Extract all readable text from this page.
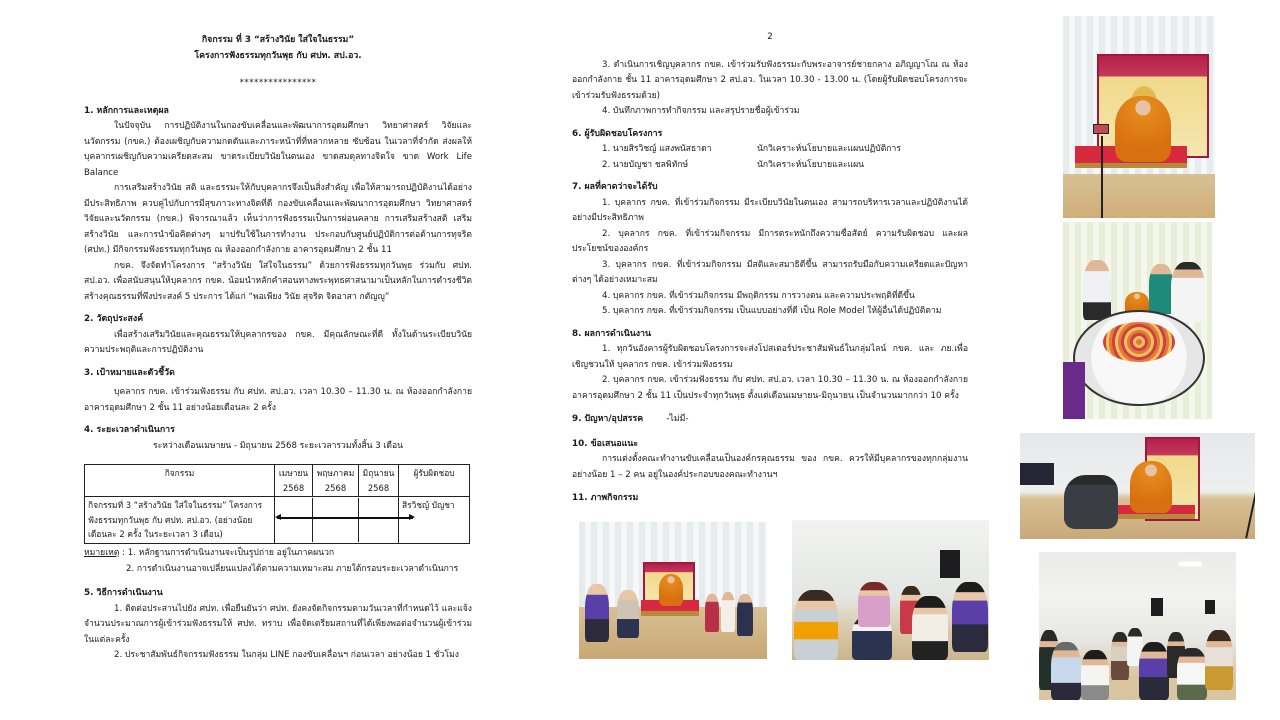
กิจกรรม ที่ 3 “สร้างวินัย ใส่ใจในธรรม”
โครงการฟังธรรมทุกวันพุธ กับ ศปท. สป.อว.
****************
1. หลักการและเหตุผล
ในปัจจุบัน การปฏิบัติงานในกองขับเคลื่อนและพัฒนาการอุดมศึกษา วิทยาศาสตร์ วิจัยและนวัตกรรม (กขค.) ต้องเผชิญกับความกดดันและภาระหน้าที่ที่หลากหลาย ซับซ้อน ในเวลาที่จำกัด ส่งผลให้บุคลากรเผชิญกับความเครียดสะสม ขาดระเบียบวินัยในตนเอง ขาดสมดุลทางจิตใจ ขาด Work Life Balance
การเสริมสร้างวินัย สติ และธรรมะให้กับบุคลากรจึงเป็นสิ่งสำคัญ เพื่อให้สามารถปฏิบัติงานได้อย่างมีประสิทธิภาพ ควบคู่ไปกับการมีสุขภาวะทางจิตที่ดี กองขับเคลื่อนและพัฒนาการอุดมศึกษา วิทยาศาสตร์ วิจัยและนวัตกรรม (กขค.) พิจารณาแล้ว เห็นว่าการฟังธรรมเป็นการผ่อนคลาย การเสริมสร้างสติ เสริมสร้างวินัย และการนำข้อคิดต่างๆ มาปรับใช้ในการทำงาน ประกอบกับศูนย์ปฏิบัติการต่อต้านการทุจริต (ศปท.) มีกิจกรรมฟังธรรมทุกวันพุธ ณ ห้องออกกำลังกาย อาคารอุดมศึกษา 2 ชั้น 11
กขค. จึงจัดทำโครงการ “สร้างวินัย ใส่ใจในธรรม” ด้วยการฟังธรรมทุกวันพุธ ร่วมกับ ศปท. สป.อว. เพื่อสนับสนุนให้บุคลากร กขค. น้อมนำหลักคำสอนทางพระพุทธศาสนามาเป็นหลักในการดำรงชีวิต สร้างคุณธรรมที่พึงประสงค์ 5 ประการ ได้แก่ “พอเพียง วินัย สุจริต จิตอาสา กตัญญู”
2. วัตถุประสงค์
เพื่อสร้างเสริมวินัยและคุณธรรมให้บุคลากรของ กขค. มีคุณลักษณะที่ดี ทั้งในด้านระเบียบวินัย ความประพฤติและการปฏิบัติงาน
3. เป้าหมายและตัวชี้วัด
บุคลากร กขค. เข้าร่วมฟังธรรม กับ ศปท. สป.อว. เวลา 10.30 – 11.30 น. ณ ห้องออกกำลังกายอาคารอุดมศึกษา 2 ชั้น 11 อย่างน้อยเดือนละ 2 ครั้ง
4. ระยะเวลาดำเนินการ
ระหว่างเดือนเมษายน - มิถุนายน 2568 ระยะเวลารวมทั้งสิ้น 3 เดือน
กิจกรรม	เมษายน 2568	พฤษภาคม 2568	มิถุนายน 2568	ผู้รับผิดชอบ
กิจกรรมที่ 3 “สร้างวินัย ใส่ใจในธรรม” โครงการฟังธรรมทุกวันพุธ กับ ศปท. สป.อว. (อย่างน้อยเดือนละ 2 ครั้ง ในระยะเวลา 3 เดือน)				สิรวิชญ์ บัญชา
หมายเหตุ : 1. หลักฐานการดำเนินงานจะเป็นรูปถ่าย อยู่ในภาคผนวก
2. การดำเนินงานอาจเปลี่ยนแปลงได้ตามความเหมาะสม ภายใต้กรอบระยะเวลาดำเนินการ
5. วิธีการดำเนินงาน
1. ติดต่อประสานไปยัง ศปท. เพื่อยืนยันว่า ศปท. ยังคงจัดกิจกรรมตามวันเวลาที่กำหนดไว้ และแจ้งจำนวนประมาณการผู้เข้าร่วมฟังธรรมให้ ศปท. ทราบ เพื่อจัดเตรียมสถานที่ได้เพียงพอต่อจำนวนผู้เข้าร่วมในแต่ละครั้ง
2. ประชาสัมพันธ์กิจกรรมฟังธรรม ในกลุ่ม LINE กองขับเคลื่อนฯ ก่อนเวลา อย่างน้อย 1 ชั่วโมง
2
3. ดำเนินการเชิญบุคลากร กขค. เข้าร่วมรับฟังธรรมะกับพระอาจารย์ชายกลาง อภิญญาโณ ณ ห้องออกกำลังกาย ชั้น 11 อาคารอุดมศึกษา 2 สป.อว. ในเวลา 10.30 - 13.00 น. (โดยผู้รับผิดชอบโครงการจะเข้าร่วมรับฟังธรรมด้วย)
4. บันทึกภาพการทำกิจกรรม และสรุปรายชื่อผู้เข้าร่วม
6. ผู้รับผิดชอบโครงการ
1. นายสิรวิชญ์ แสงพนัสธาดา	นักวิเคราะห์นโยบายและแผนปฏิบัติการ
2. นายบัญชา ชลพิทักษ์	นักวิเคราะห์นโยบายและแผน
7. ผลที่คาดว่าจะได้รับ
1. บุคลากร กขค. ที่เข้าร่วมกิจกรรม มีระเบียบวินัยในตนเอง สามารถบริหารเวลาและปฏิบัติงานได้อย่างมีประสิทธิภาพ
2. บุคลากร กขค. ที่เข้าร่วมกิจกรรม มีการตระหนักถึงความซื่อสัตย์ ความรับผิดชอบ และผลประโยชน์ขององค์กร
3. บุคลากร กขค. ที่เข้าร่วมกิจกรรม มีสติและสมาธิดีขึ้น สามารถรับมือกับความเครียดและปัญหาต่างๆ ได้อย่างเหมาะสม
4. บุคลากร กขค. ที่เข้าร่วมกิจกรรม มีพฤติกรรม การวางตน และความประพฤติที่ดีขึ้น
5. บุคลากร กขค. ที่เข้าร่วมกิจกรรม เป็นแบบอย่างที่ดี เป็น Role Model ให้ผู้อื่นได้ปฏิบัติตาม
8. ผลการดำเนินงาน
1. ทุกวันอังคารผู้รับผิดชอบโครงการจะส่งโปสเตอร์ประชาสัมพันธ์ในกลุ่มไลน์ กขค. และ ภย.เพื่อเชิญชวนให้ บุคลากร กขค. เข้าร่วมฟังธรรม
2. บุคลากร กขค. เข้าร่วมฟังธรรม กับ ศปท. สป.อว. เวลา 10.30 – 11.30 น. ณ ห้องออกกำลังกาย อาคารอุดมศึกษา 2 ชั้น 11 เป็นประจำทุกวันพุธ ตั้งแต่เดือนเมษายน-มิถุนายน เป็นจำนวนมากกว่า 10 ครั้ง
9. ปัญหา/อุปสรรค	-ไม่มี-
10. ข้อเสนอแนะ
การแต่งตั้งคณะทำงานขับเคลื่อนเป็นองค์กรคุณธรรม ของ กขค. ควรให้มีบุคลากรของทุกกลุ่มงานอย่างน้อย 1 – 2 คน อยู่ในองค์ประกอบของคณะทำงานฯ
11. ภาพกิจกรรม
